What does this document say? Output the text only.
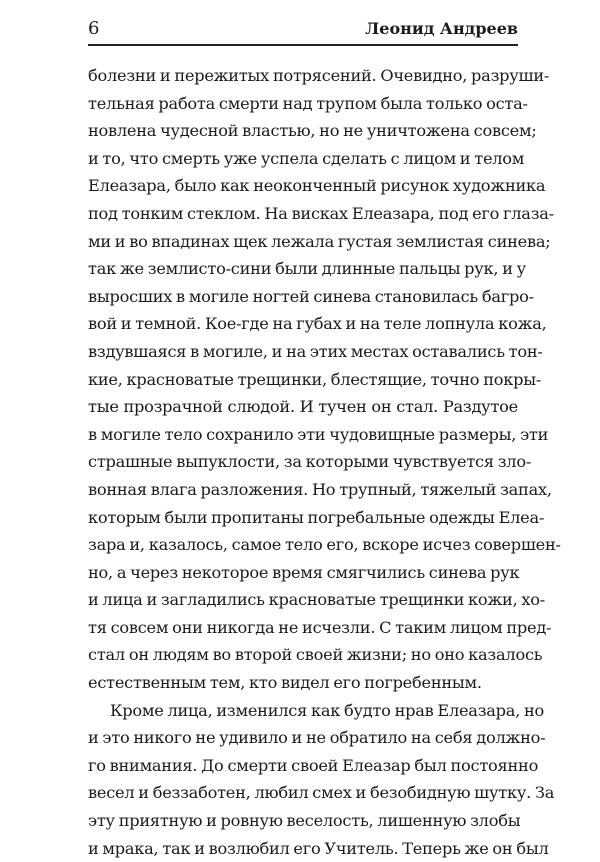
6	Леонид Андреев
болезни и пережитых потрясений. Очевидно, разруши-
тельная работа смерти над трупом была только оста-
новлена чудесной властью, но не уничтожена совсем;
и то, что смерть уже успела сделать с лицом и телом
Елеазара, было как неоконченный рисунок художника
под тонким стеклом. На висках Елеазара, под его глаза-
ми и во впадинах щек лежала густая землистая синева;
так же землисто-сини были длинные пальцы рук, и у
выросших в могиле ногтей синева становилась багро-
вой и темной. Кое-где на губах и на теле лопнула кожа,
вздувшаяся в могиле, и на этих местах оставались тон-
кие, красноватые трещинки, блестящие, точно покры-
тые прозрачной слюдой. И тучен он стал. Раздутое
в могиле тело сохранило эти чудовищные размеры, эти
страшные выпуклости, за которыми чувствуется зло-
вонная влага разложения. Но трупный, тяжелый запах,
которым были пропитаны погребальные одежды Елеа-
зара и, казалось, самое тело его, вскоре исчез совершен-
но, а через некоторое время смягчились синева рук
и лица и загладились красноватые трещинки кожи, хо-
тя совсем они никогда не исчезли. С таким лицом пред-
стал он людям во второй своей жизни; но оно казалось
естественным тем, кто видел его погребенным.
Кроме лица, изменился как будто нрав Елеазара, но
и это никого не удивило и не обратило на себя должно-
го внимания. До смерти своей Елеазар был постоянно
весел и беззаботен, любил смех и безобидную шутку. За
эту приятную и ровную веселость, лишенную злобы
и мрака, так и возлюбил его Учитель. Теперь же он был
